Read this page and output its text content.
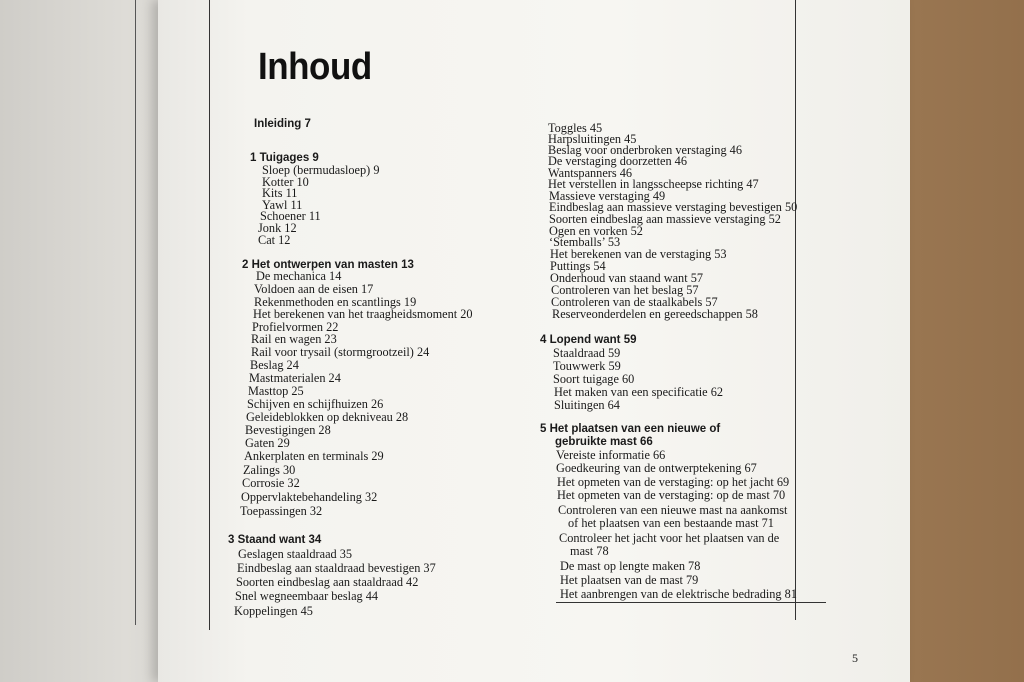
Inhoud
Inleiding 7
1 Tuigages 9
Sloep (bermudasloep) 9
Kotter 10
Kits 11
Yawl 11
Schoener 11
Jonk 12
Cat 12
2 Het ontwerpen van masten 13
De mechanica 14
Voldoen aan de eisen 17
Rekenmethoden en scantlings 19
Het berekenen van het traagheidsmoment 20
Profielvormen 22
Rail en wagen 23
Rail voor trysail (stormgrootzeil) 24
Beslag 24
Mastmaterialen 24
Masttop 25
Schijven en schijfhuizen 26
Geleideblokken op dekniveau 28
Bevestigingen 28
Gaten 29
Ankerplaten en terminals 29
Zalings 30
Corrosie 32
Oppervlaktebehandeling 32
Toepassingen 32
3 Staand want 34
Geslagen staaldraad 35
Eindbeslag aan staaldraad bevestigen 37
Soorten eindbeslag aan staaldraad 42
Snel wegneembaar beslag 44
Koppelingen 45
Toggles 45
Harpsluitingen 45
Beslag voor onderbroken verstaging 46
De verstaging doorzetten 46
Wantspanners 46
Het verstellen in langsscheepse richting 47
Massieve verstaging 49
Eindbeslag aan massieve verstaging bevestigen 50
Soorten eindbeslag aan massieve verstaging 52
Ogen en vorken 52
‘Stemballs’ 53
Het berekenen van de verstaging 53
Puttings 54
Onderhoud van staand want 57
Controleren van het beslag 57
Controleren van de staalkabels 57
Reserveonderdelen en gereedschappen 58
4 Lopend want 59
Staaldraad 59
Touwwerk 59
Soort tuigage 60
Het maken van een specificatie 62
Sluitingen 64
5 Het plaatsen van een nieuwe of
gebruikte mast 66
Vereiste informatie 66
Goedkeuring van de ontwerptekening 67
Het opmeten van de verstaging: op het jacht 69
Het opmeten van de verstaging: op de mast 70
Controleren van een nieuwe mast na aankomst
of het plaatsen van een bestaande mast 71
Controleer het jacht voor het plaatsen van de
mast 78
De mast op lengte maken 78
Het plaatsen van de mast 79
Het aanbrengen van de elektrische bedrading 81
5
